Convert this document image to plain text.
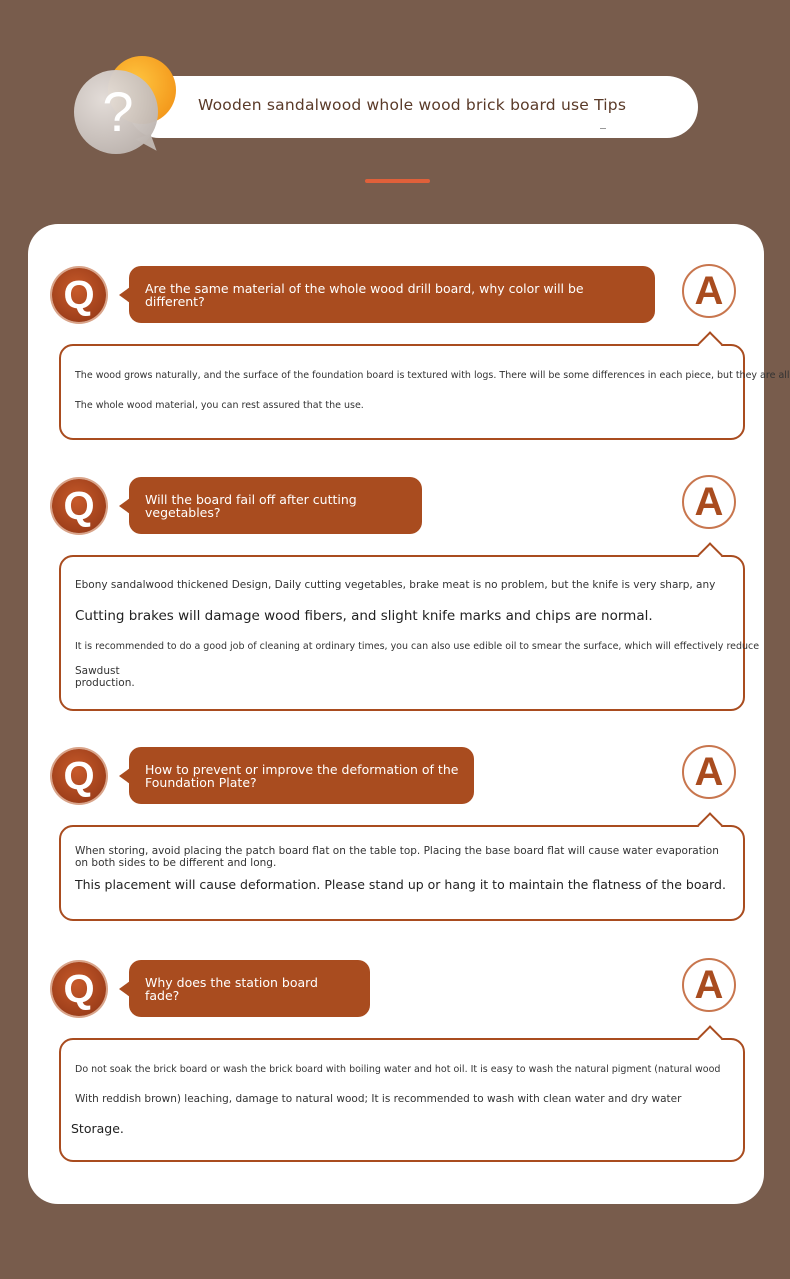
Wooden sandalwood whole wood brick board use Tips
?
Q	Are the same material of the whole wood drill board, why color will be different?	A
The wood grows naturally, and the surface of the foundation board is textured with logs. There will be some differences in each piece, but they are all
The whole wood material, you can rest assured that the use.
Q	Will the board fail off after cutting vegetables?	A
Ebony sandalwood thickened Design, Daily cutting vegetables, brake meat is no problem, but the knife is very sharp, any
Cutting brakes will damage wood fibers, and slight knife marks and chips are normal.
It is recommended to do a good job of cleaning at ordinary times, you can also use edible oil to smear the surface, which will effectively reduce
Sawdust
production.
Q	How to prevent or improve the deformation of the Foundation Plate?	A
When storing, avoid placing the patch board flat on the table top. Placing the base board flat will cause water evaporation on both sides to be different and long.
This placement will cause deformation. Please stand up or hang it to maintain the flatness of the board.
Q	Why does the station board fade?	A
Do not soak the brick board or wash the brick board with boiling water and hot oil. It is easy to wash the natural pigment (natural wood
With reddish brown) leaching, damage to natural wood; It is recommended to wash with clean water and dry water
Storage.
